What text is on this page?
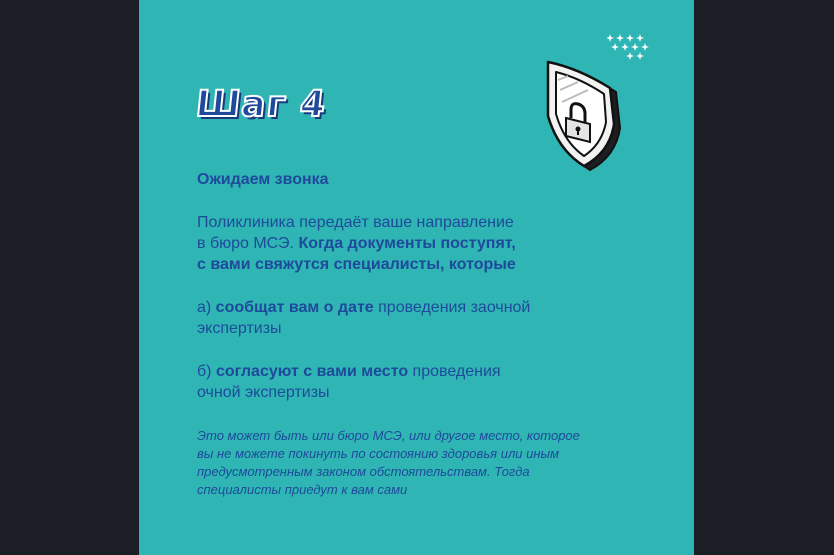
Шаг 4

Ожидаем звонка

Поликлиника передаёт ваше направление
в бюро МСЭ. Когда документы поступят,
с вами свяжутся специалисты, которые

а) сообщат вам о дате проведения заочной
экспертизы

б) согласуют с вами место проведения
очной экспертизы

Это может быть или бюро МСЭ, или другое место, которое
вы не можете покинуть по состоянию здоровья или иным
предусмотренным законом обстоятельствам. Тогда
специалисты приедут к вам сами
